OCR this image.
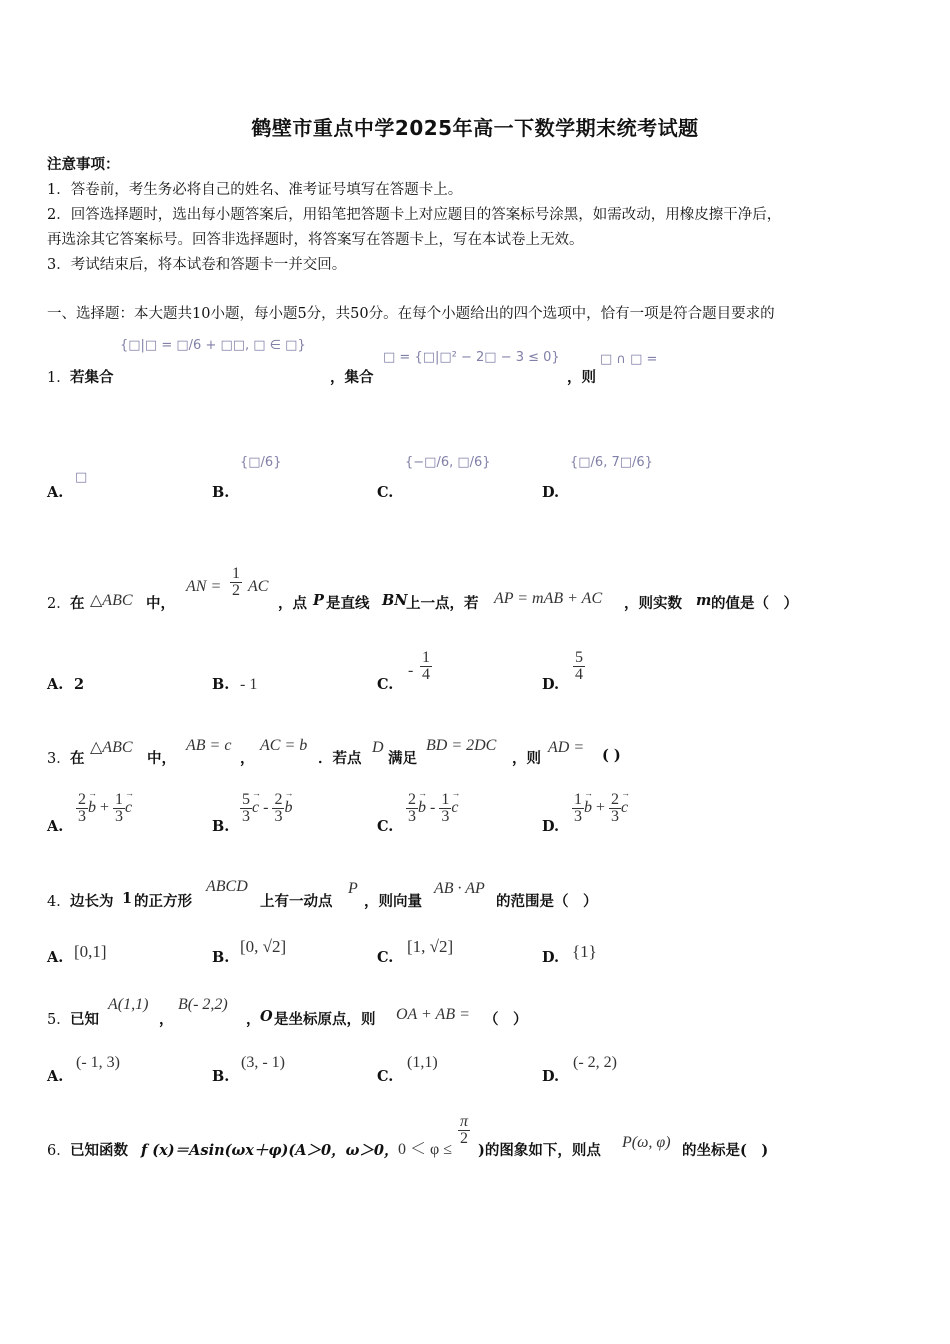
鹤壁市重点中学2025年高一下数学期末统考试题
注意事项：
1．答卷前，考生务必将自己的姓名、准考证号填写在答题卡上。
2．回答选择题时，选出每小题答案后，用铅笔把答题卡上对应题目的答案标号涂黑，如需改动，用橡皮擦干净后，
再选涂其它答案标号。回答非选择题时，将答案写在答题卡上，写在本试卷上无效。
3．考试结束后，将本试卷和答题卡一并交回。
一、选择题：本大题共10小题，每小题5分，共50分。在每个小题给出的四个选项中，恰有一项是符合题目要求的
1． 若集合
{□|□ = □/6 + □□, □ ∈ □}
，集合
□ = {□|□² − 2□ − 3 ≤ 0}
，则
□ ∩ □ =
A.
□
B.
{□/6}
C.
{−□/6, □/6}
D.
{□/6, 7□/6}
2． 在 △ABC 中，
AN = $\frac{1}{2}$ AC
，点 P 是直线 BN
上一点，若 AP = mAB + AC ，则实数 m 的值是（　）
A. 2	B. - 1	C.
- $\frac{1}{4}$
D.
$\frac{5}{4}$
3． 在
△ABC
中，
AB = c
，
AC = b
．若点
D
满足
BD = 2DC
，则
AD = ( )
A.
$\frac{2}{3}$
→ $b + \frac{1}{3}$
→ c
B.
$\frac{5}{3}$
→ c - $\frac{2}{3}$
→ b
C.
$\frac{2}{3}$
→ b - $\frac{1}{3}$
→ c
D.
$\frac{1}{3}$
→ $b + \frac{2}{3}$
→ c
4． 边长为 1 的正方形
ABCD
上有一动点
P
，则向量
AB · AP
的范围是（　）
A. [0,1]	B.
[0, √2]
C.
[1, √2]
D. {1}
5． 已知
A(1,1)
，
B(- 2,2)
， O 是坐标原点，则 OA + AB = （　）
A.
(- 1, 3)
B.
(3, - 1)
C.
(1,1)
D.
(- 2, 2)
6． 已知函数 f (x)＝Asin(ωx＋φ)(A＞0，ω＞0， 0 ＜ φ ≤
$\frac{\pi}{2}$
)的图象如下，则点 P(ω, φ) 的坐标是(　)
